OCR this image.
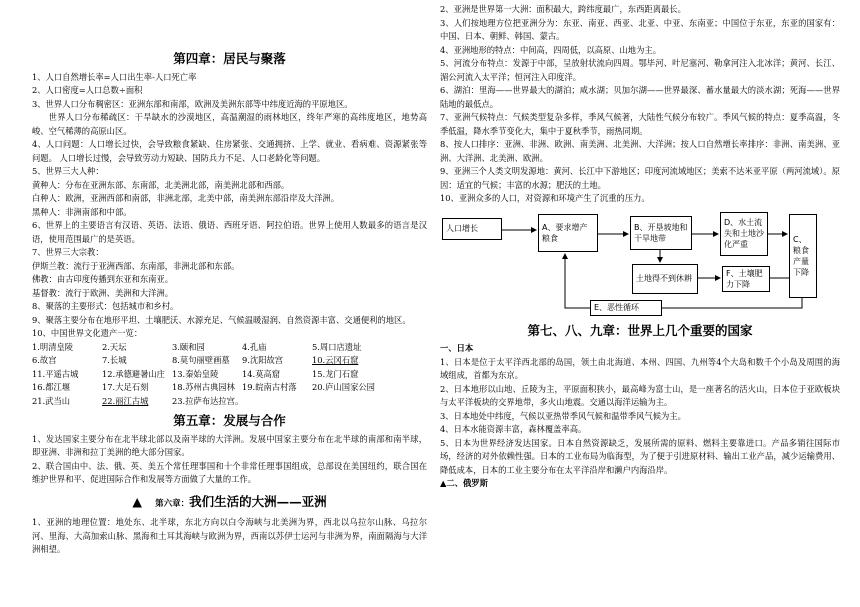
第四章：居民与聚落

1、人口自然增长率=人口出生率-人口死亡率

2、人口密度=人口总数÷面积

3、世界人口分布稠密区：亚洲东部和南部，欧洲及美洲东部等中纬度近海的平原地区。

世界人口分布稀疏区：干旱缺水的沙漠地区，高温潮湿的雨林地区，终年严寒的高纬度地区，地势高峻、空气稀薄的高原山区。

4、人口问题：人口增长过快，会导致粮食紧缺、住房紧张、交通拥挤、上学、就业、看病难、资源紧张等问题。 人口增长过慢，会导致劳动力短缺、国防兵力不足、人口老龄化等问题。

5、世界三大人种：

黄种人：分布在亚洲东部、东南部，北美洲北部，南美洲北部和西部。

白种人：欧洲，亚洲西部和南部，非洲北部，北美中部，南美洲东部沿岸及大洋洲。

黑种人：非洲南部和中部。

6、世界上的主要语言有汉语、英语、法语、俄语、西班牙语、阿拉伯语。世界上使用人数最多的语言是汉语，使用范围最广的是英语。

7、世界三大宗教：

伊斯兰教：流行于亚洲西部、东南部，非洲北部和东部。

佛教：由古印度传播到东亚和东南亚。

基督教：流行于欧洲、美洲和大洋洲。

8、聚落的主要形式：包括城市和乡村。

9、聚落主要分布在地形平坦、土壤肥沃、水源充足、气候温暖湿润、自然资源丰富、交通便利的地区。

10、中国世界文化遗产一览：

1.明清皇陵	2.天坛	3.颐和园	4.孔庙	5.周口店遗址
6.故宫	7.长城	8.莫句丽壁画墓	9.沈阳故宫	10.云冈石窟
11.平遥古城	12.承德避暑山庄 13.秦始皇陵	14.莫高窟	15.龙门石窟
16.都江堰	17.大足石刻	18.苏州古典园林 19.皖南古村落	20.庐山国家公园
21.武当山	22.丽江古城	23.拉萨布达拉宫。
第五章：发展与合作

1、发达国家主要分布在北半球北部以及南半球的大洋洲。发展中国家主要分布在北半球的南部和南半球，即亚洲、非洲和拉丁美洲的绝大部分国家。

2、联合国由中、法、俄、英、美五个常任理事国和十个非常任理事国组成，总部设在美国纽约，联合国在维护世界和平、促进国际合作和发展等方面做了大量的工作。

▲ 第六章：我们生活的大洲——亚洲

1、亚洲的地理位置：地处东、北半球，东北方向以白令海峡与北美洲为界，西北以乌拉尔山脉、乌拉尔河、里海、大高加索山脉、黑海和土耳其海峡与欧洲为界，西南以苏伊士运河与非洲为界，南面隔海与大洋洲相望。

2、亚洲是世界第一大洲：面积最大，跨纬度最广，东西距离最长。

3、人们按地理方位把亚洲分为：东亚、南亚、西亚、北亚、中亚、东南亚；中国位于东亚，东亚的国家有：中国、日本、朝鲜、韩国、蒙古。

4、亚洲地形的特点：中间高，四周低，以高原、山地为主。

5、河流分布特点：发源于中部，呈放射状流向四周。鄂毕河、叶尼塞河、勒拿河注入北冰洋；黄河、长江、湄公河流入太平洋；恒河注入印度洋。

6、湖泊：里海——世界最大的湖泊；咸水湖；贝加尔湖——世界最深、蓄水量最大的淡水湖；死海——世界陆地的最低点。

7、亚洲气候特点：气候类型复杂多样，季风气候著，大陆性气候分布较广。季风气候的特点：夏季高温，冬季低温，降水季节变化大，集中于夏秋季节，雨热同期。

8、按人口排序：亚洲、非洲、欧洲、南美洲、北美洲、大洋洲；按人口自然增长率排序：非洲、南美洲、亚洲、大洋洲、北美洲、欧洲。

9、亚洲三个人类文明发源地：黄河、长江中下游地区；印度河流域地区；美索不达米亚平原（两河流域）。原因：适宜的气候；丰富的水源；肥沃的土地。

10、亚洲众多的人口，对资源和环境产生了沉重的压力。

人口增长	A、要求增产粮食
B、开垦坡地和干旱地带
D、水土流失和土地沙化严重
C、粮食产量下降
土地得不到休耕
F、土壤肥力下降
E、恶性循环
第七、八、九章：世界上几个重要的国家

一、日本

1、日本是位于太平洋西北部的岛国，领土由北海道、本州、四国、九州等4个大岛和数千个小岛及周围的海域组成，首都为东京。

2、日本地形以山地、丘陵为主，平原面积狭小，最高峰为富士山，是一座著名的活火山，日本位于亚欧板块与太平洋板块的交界地带，多火山地震。交通以海洋运输为主。

3、日本地处中纬度，气候以亚热带季风气候和温带季风气候为主。

4、日本水能资源丰富，森林覆盖率高。

5、日本为世界经济发达国家。日本自然资源缺乏，发展所需的原料、燃料主要靠进口。产品多销往国际市场，经济的对外依赖性强。日本的工业布局为临海型，为了便于引进原材料、输出工业产品，减少运输费用、降低成本，日本的工业主要分布在太平洋沿岸和濑户内海沿岸。

▲二、俄罗斯
